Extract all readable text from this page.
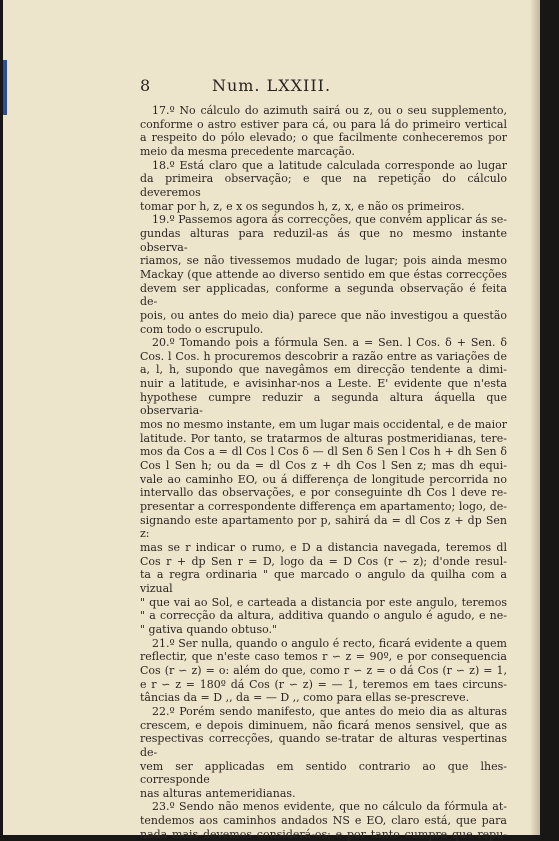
Num. LXXIII.
8

17.º No cálculo do azimuth sairá ou z, ou o seu supplemento,

conforme o astro estiver para cá, ou para lá do primeiro vertical

a respeito do pólo elevado; o que facilmente conheceremos por

meio da mesma precedente marcação.

18.º Está claro que a latitude calculada corresponde ao lugar

da primeira observação; e que na repetição do cálculo deveremos

tomar por h, z, e x os segundos h, z, x, e não os primeiros.

19.º Passemos agora ás correcções, que convém applicar ás se-

gundas alturas para reduzil-as ás que no mesmo instante observa-

riamos, se não tivessemos mudado de lugar; pois ainda mesmo

Mackay (que attende ao diverso sentido em que éstas correcções

devem ser applicadas, conforme a segunda observação é feita de-

pois, ou antes do meio dia) parece que não investigou a questão

com todo o escrupulo.

20.º Tomando pois a fórmula Sen. a = Sen. l Cos. δ + Sen. δ

Cos. l Cos. h procuremos descobrir a razão entre as variações de

a, l, h, supondo que navegâmos em direcção tendente a dimi-

nuir a latitude, e avisinhar-nos a Leste. E' evidente que n'esta

hypothese cumpre reduzir a segunda altura áquella que observaria-

mos no mesmo instante, em um lugar mais occidental, e de maior

latitude. Por tanto, se tratarmos de alturas postmeridianas, tere-

mos da Cos a = dl Cos l Cos δ — dl Sen δ Sen l Cos h + dh Sen δ

Cos l Sen h; ou da = dl Cos z + dh Cos l Sen z; mas dh equi-

vale ao caminho EO, ou á differença de longitude percorrida no

intervallo das observações, e por conseguinte dh Cos l deve re-

presentar a correspondente differença em apartamento; logo, de-

signando este apartamento por p, sahirá da = dl Cos z + dp Sen z:

mas se r indicar o rumo, e D a distancia navegada, teremos dl

Cos r + dp Sen r = D, logo da = D Cos (r ∽ z); d'onde resul-

ta a regra ordinaria " que marcado o angulo da quilha com a vizual

" que vai ao Sol, e carteada a distancia por este angulo, teremos

" a correcção da altura, additiva quando o angulo é agudo, e ne-

" gativa quando obtuso."

21.º Ser nulla, quando o angulo é recto, ficará evidente a quem

reflectir, que n'este caso temos r ∽ z = 90º, e por consequencia

Cos (r ∽ z) = o: além do que, como r ∽ z = o dá Cos (r ∽ z) = 1,

e r ∽ z = 180º dá Cos (r ∽ z) = — 1, teremos em taes circuns-

tâncias da = D ,, da = — D ,, como para ellas se-prescreve.

22.º Porém sendo manifesto, que antes do meio dia as alturas

crescem, e depois diminuem, não ficará menos sensivel, que as

respectivas correcções, quando se-tratar de alturas vespertinas de-

vem ser applicadas em sentido contrario ao que lhes-corresponde

nas alturas antemeridianas.

23.º Sendo não menos evidente, que no cálculo da fórmula at-

tendemos aos caminhos andados NS e EO, claro está, que para

nada mais devemos considerá-os; e por tanto cumpre que repu-
